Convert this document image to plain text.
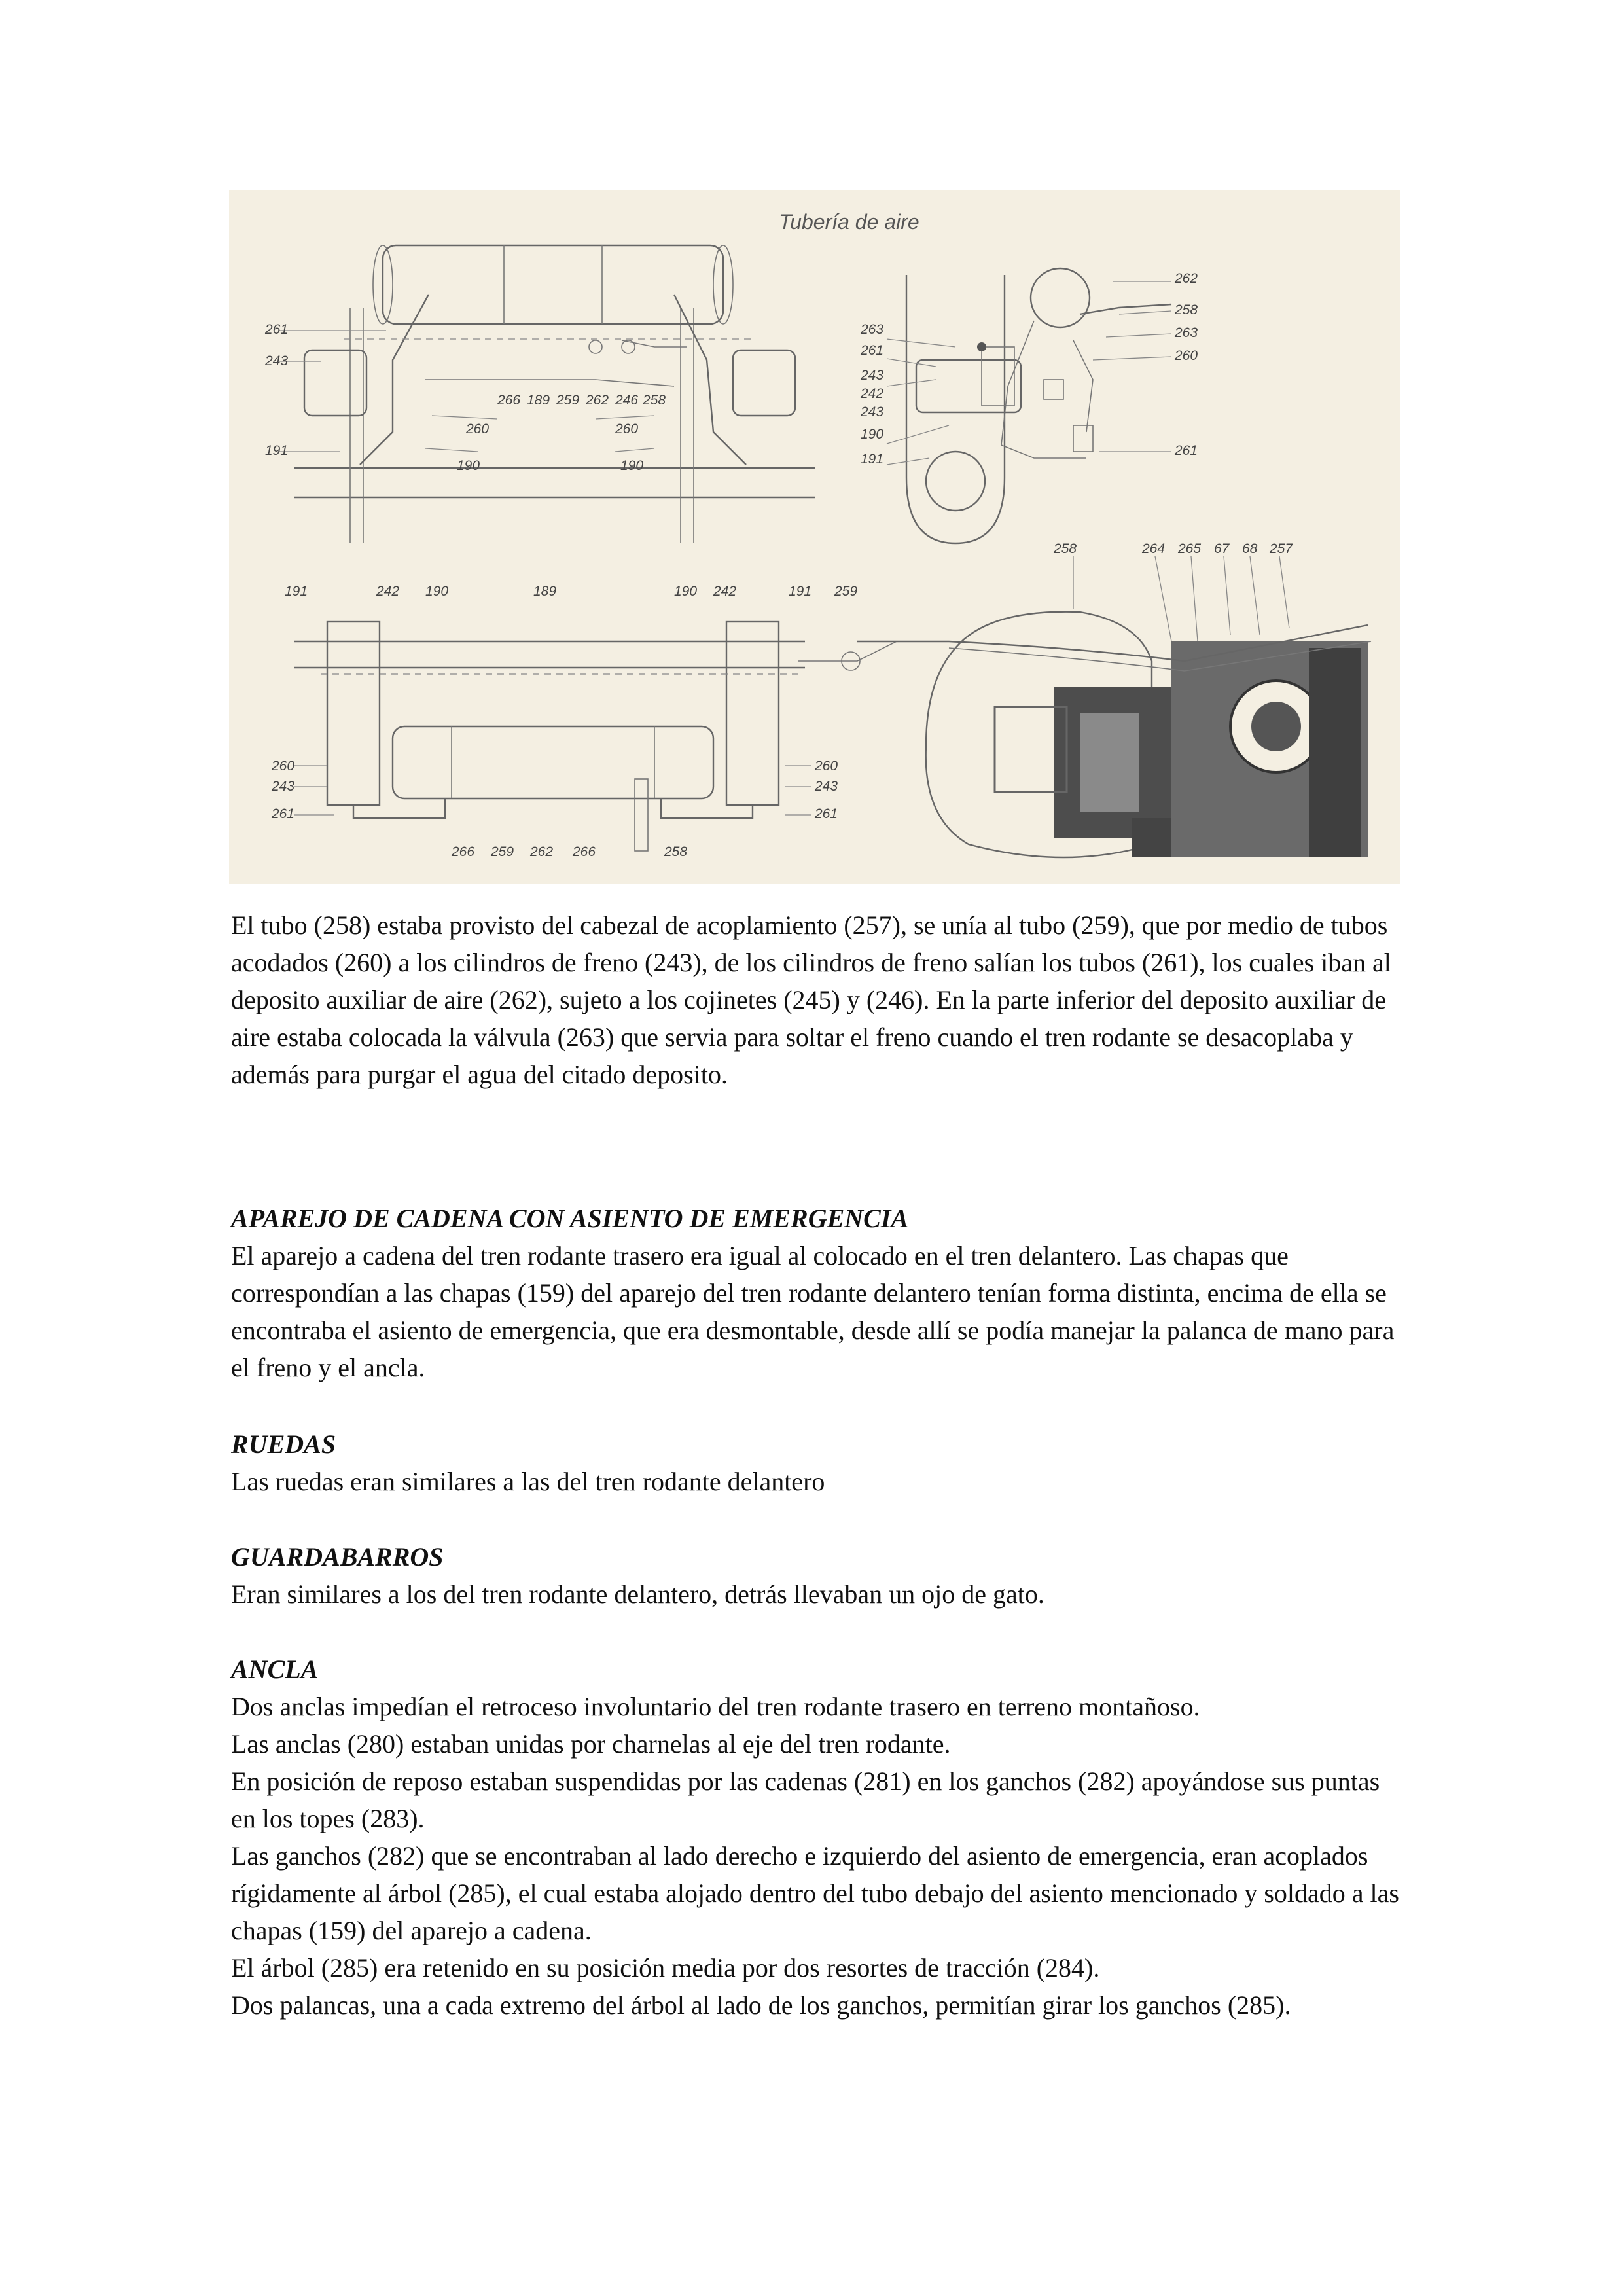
Tubería de aire
261
243
191
266 189 259 262 246 258
260	260
190	190
263
261
243
242
243
190
191
262
258
263
260
261
191	242 190	189	190 242	191 259
260
243
261
260
243
261
266 259 262 266	258
258	264 265 67 68 257

El tubo (258) estaba provisto del cabezal de acoplamiento (257), se unía al tubo (259), que por medio de tubos acodados (260) a los cilindros de freno (243), de los cilindros de freno salían los tubos (261), los cuales iban al deposito auxiliar de aire (262), sujeto a los cojinetes (245) y (246). En la parte inferior del deposito auxiliar de aire estaba colocada la válvula (263) que servia para soltar el freno cuando el tren rodante se desacoplaba y además para purgar el agua del citado deposito.

APAREJO DE CADENA CON ASIENTO DE EMERGENCIA

El aparejo a cadena del tren rodante trasero era igual al colocado en el tren delantero. Las chapas que correspondían a las chapas (159) del aparejo del tren rodante delantero tenían forma distinta, encima de ella se encontraba el asiento de emergencia, que era desmontable, desde allí se podía manejar la palanca de mano para el freno y el ancla.

RUEDAS

Las ruedas eran similares a las del tren rodante delantero

GUARDABARROS

Eran similares a los del tren rodante delantero, detrás llevaban un ojo de gato.

ANCLA

Dos anclas impedían el retroceso involuntario del tren rodante trasero en terreno montañoso.

Las anclas (280) estaban unidas por charnelas al eje del tren rodante.

En posición de reposo estaban suspendidas por las cadenas (281) en los ganchos (282) apoyándose sus puntas en los topes (283).

Las ganchos (282) que se encontraban al lado derecho e izquierdo del asiento de emergencia, eran acoplados rígidamente al árbol (285), el cual estaba alojado dentro del tubo debajo del asiento mencionado y soldado a las chapas (159) del aparejo a cadena.

El árbol (285) era retenido en su posición media por dos resortes de tracción (284).

Dos palancas, una a cada extremo del árbol al lado de los ganchos, permitían girar los ganchos (285).
